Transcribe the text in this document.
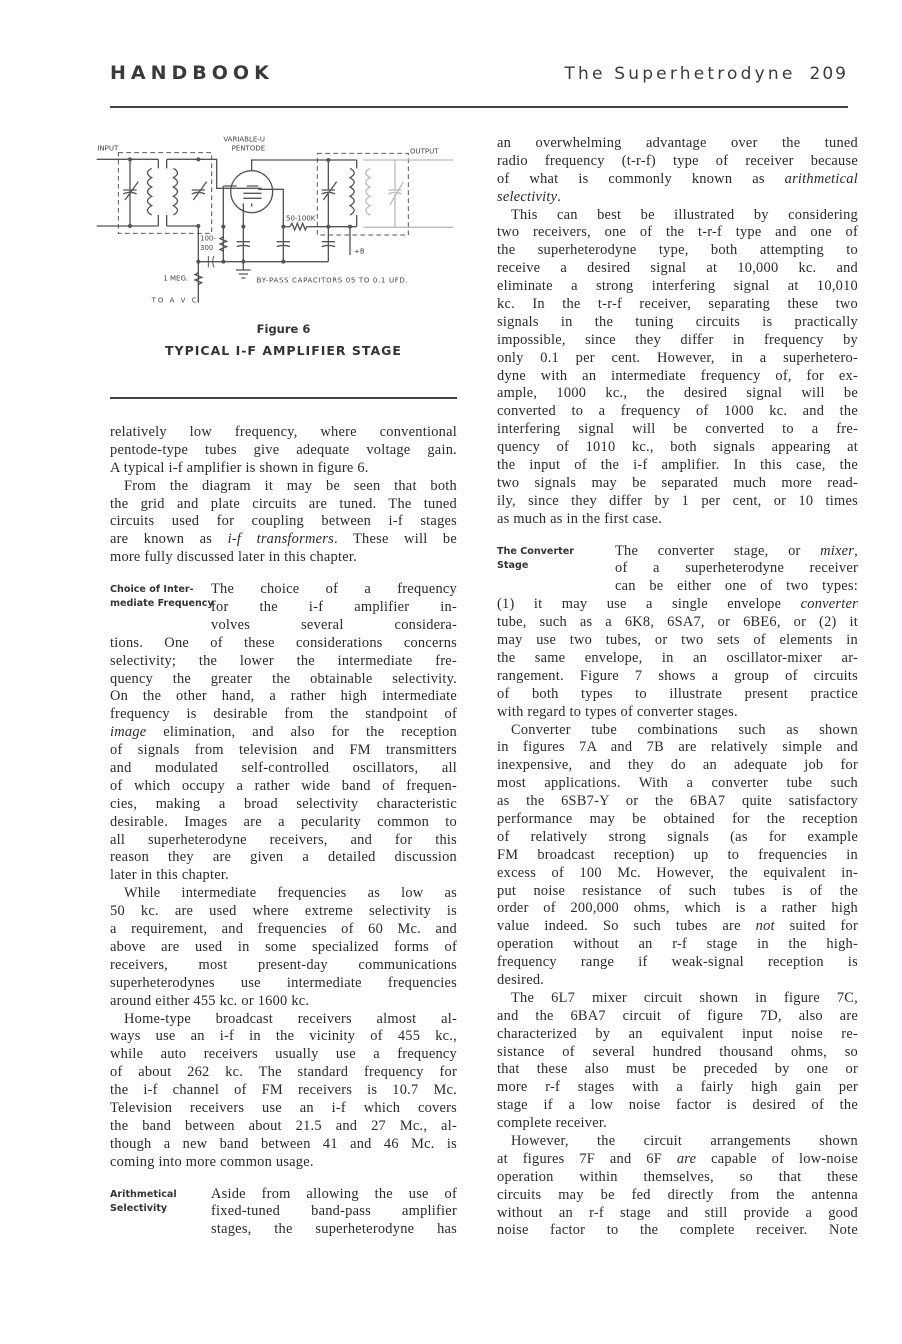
HANDBOOK	The Superhetrodyne 209
INPUT	OUTPUT
VARIABLE-U
PENTODE
50-100K
100-
300
1 MEG.
TO A V C
BY-PASS CAPACITORS 05 TO 0.1 UFD.
+B
Figure 6
TYPICAL I-F AMPLIFIER STAGE
relatively low frequency, where conventional
pentode-type tubes give adequate voltage gain.
A typical i-f amplifier is shown in figure 6.
From the diagram it may be seen that both
the grid and plate circuits are tuned. The tuned
circuits used for coupling between i-f stages
are known as i-f transformers. These will be
more fully discussed later in this chapter.
Choice of Inter-
mediate Frequency
The choice of a frequency
for the i-f amplifier in-
volves several considera-
tions. One of these considerations concerns
selectivity; the lower the intermediate fre-
quency the greater the obtainable selectivity.
On the other hand, a rather high intermediate
frequency is desirable from the standpoint of
image elimination, and also for the reception
of signals from television and FM transmitters
and modulated self-controlled oscillators, all
of which occupy a rather wide band of frequen-
cies, making a broad selectivity characteristic
desirable. Images are a pecularity common to
all superheterodyne receivers, and for this
reason they are given a detailed discussion
later in this chapter.
While intermediate frequencies as low as
50 kc. are used where extreme selectivity is
a requirement, and frequencies of 60 Mc. and
above are used in some specialized forms of
receivers, most present-day communications
superheterodynes use intermediate frequencies
around either 455 kc. or 1600 kc.
Home-type broadcast receivers almost al-
ways use an i-f in the vicinity of 455 kc.,
while auto receivers usually use a frequency
of about 262 kc. The standard frequency for
the i-f channel of FM receivers is 10.7 Mc.
Television receivers use an i-f which covers
the band between about 21.5 and 27 Mc., al-
though a new band between 41 and 46 Mc. is
coming into more common usage.
Arithmetical
Selectivity
Aside from allowing the use of
fixed-tuned band-pass amplifier
stages, the superheterodyne has
an overwhelming advantage over the tuned
radio frequency (t-r-f) type of receiver because
of what is commonly known as arithmetical
selectivity.
This can best be illustrated by considering
two receivers, one of the t-r-f type and one of
the superheterodyne type, both attempting to
receive a desired signal at 10,000 kc. and
eliminate a strong interfering signal at 10,010
kc. In the t-r-f receiver, separating these two
signals in the tuning circuits is practically
impossible, since they differ in frequency by
only 0.1 per cent. However, in a superhetero-
dyne with an intermediate frequency of, for ex-
ample, 1000 kc., the desired signal will be
converted to a frequency of 1000 kc. and the
interfering signal will be converted to a fre-
quency of 1010 kc., both signals appearing at
the input of the i-f amplifier. In this case, the
two signals may be separated much more read-
ily, since they differ by 1 per cent, or 10 times
as much as in the first case.
The Converter
Stage
The converter stage, or mixer,
of a superheterodyne receiver
can be either one of two types:
(1) it may use a single envelope converter
tube, such as a 6K8, 6SA7, or 6BE6, or (2) it
may use two tubes, or two sets of elements in
the same envelope, in an oscillator-mixer ar-
rangement. Figure 7 shows a group of circuits
of both types to illustrate present practice
with regard to types of converter stages.
Converter tube combinations such as shown
in figures 7A and 7B are relatively simple and
inexpensive, and they do an adequate job for
most applications. With a converter tube such
as the 6SB7-Y or the 6BA7 quite satisfactory
performance may be obtained for the reception
of relatively strong signals (as for example
FM broadcast reception) up to frequencies in
excess of 100 Mc. However, the equivalent in-
put noise resistance of such tubes is of the
order of 200,000 ohms, which is a rather high
value indeed. So such tubes are not suited for
operation without an r-f stage in the high-
frequency range if weak-signal reception is
desired.
The 6L7 mixer circuit shown in figure 7C,
and the 6BA7 circuit of figure 7D, also are
characterized by an equivalent input noise re-
sistance of several hundred thousand ohms, so
that these also must be preceded by one or
more r-f stages with a fairly high gain per
stage if a low noise factor is desired of the
complete receiver.
However, the circuit arrangements shown
at figures 7F and 6F are capable of low-noise
operation within themselves, so that these
circuits may be fed directly from the antenna
without an r-f stage and still provide a good
noise factor to the complete receiver. Note
